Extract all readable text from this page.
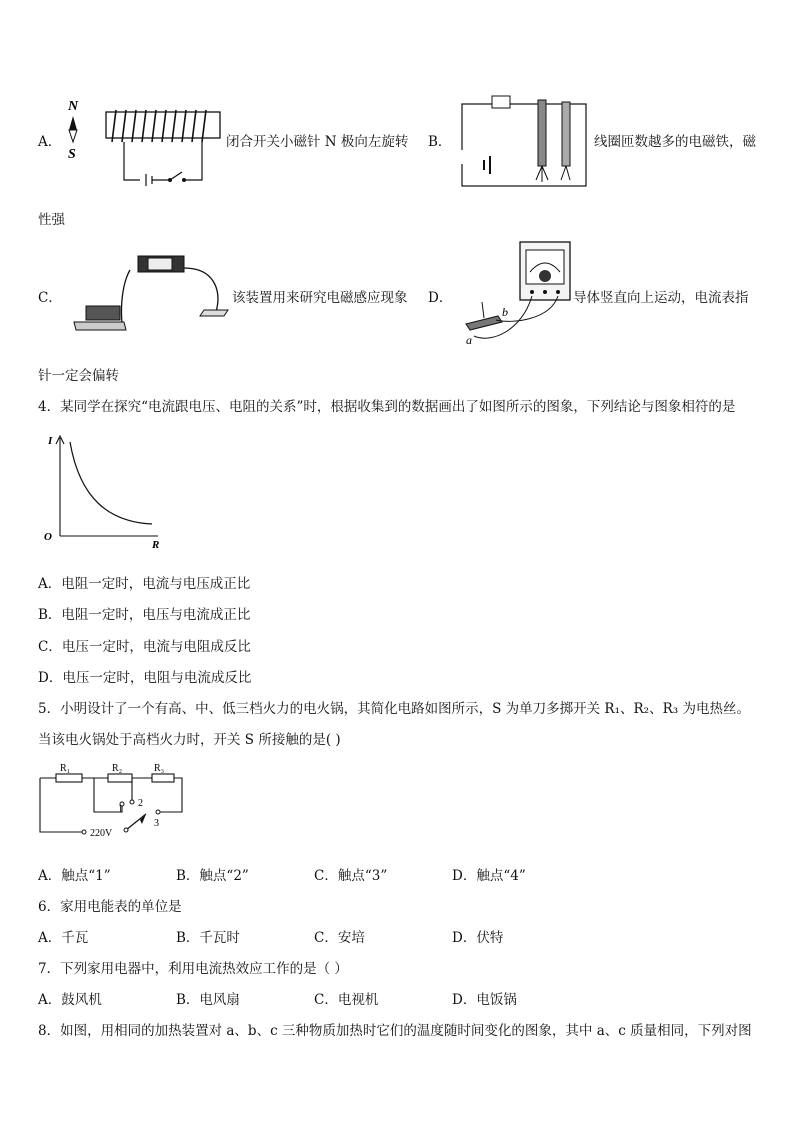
A．
N
S
闭合开关小磁针 N 极向左旋转 B．	线圈匝数越多的电磁铁，磁
性强
C．	该装置用来研究电磁感应现象 D．
a
b
导体竖直向上运动，电流表指
针一定会偏转
4．某同学在探究“电流跟电压、电阻的关系”时，根据收集到的数据画出了如图所示的图象，下列结论与图象相符的是
I
O
R
A．电阻一定时，电流与电压成正比
B．电阻一定时，电压与电流成正比
C．电压一定时，电流与电阻成反比
D．电压一定时，电阻与电流成反比
5．小明设计了一个有高、中、低三档火力的电火锅，其简化电路如图所示，S 为单刀多掷开关 R₁、R₂、R₃ 为电热丝。
当该电火锅处于高档火力时，开关 S 所接触的是( )
R₁	R₂	R₃
1
2
3
220V
A．触点“1”	B．触点“2”	C．触点“3”	D．触点“4”
6．家用电能表的单位是
A．千瓦	B．千瓦时	C．安培	D．伏特
7．下列家用电器中，利用电流热效应工作的是（ ）
A．鼓风机	B．电风扇	C．电视机	D．电饭锅
8．如图，用相同的加热装置对 a、b、c 三种物质加热时它们的温度随时间变化的图象，其中 a、c 质量相同，下列对图
